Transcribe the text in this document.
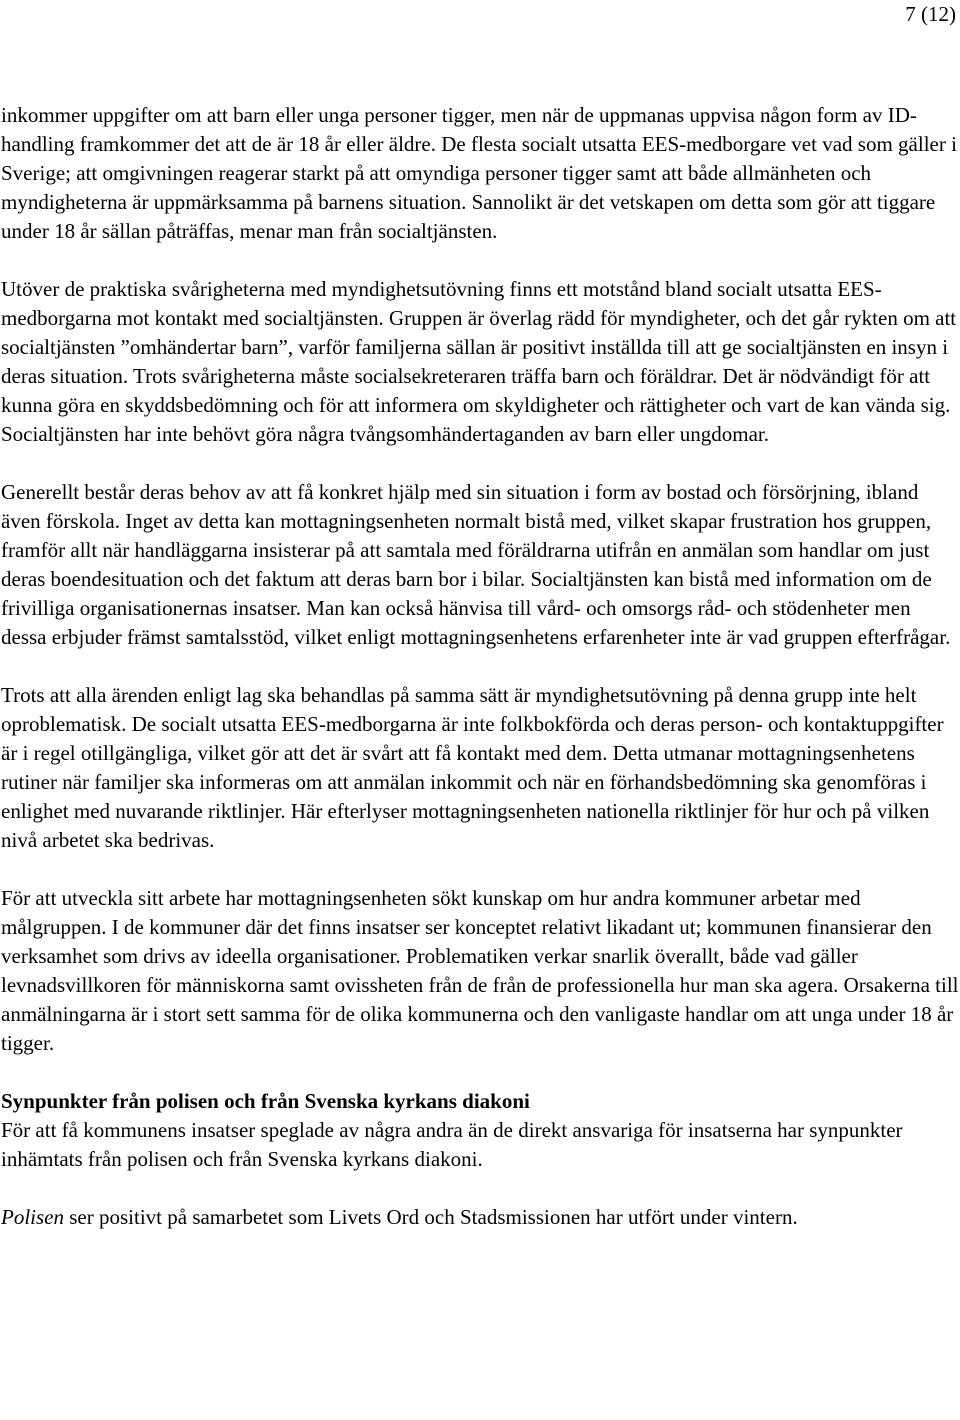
7 (12)

inkommer uppgifter om att barn eller unga personer tigger, men när de uppmanas uppvisa någon form av ID-handling framkommer det att de är 18 år eller äldre. De flesta socialt utsatta EES-medborgare vet vad som gäller i Sverige; att omgivningen reagerar starkt på att omyndiga personer tigger samt att både allmänheten och myndigheterna är uppmärksamma på barnens situation. Sannolikt är det vetskapen om detta som gör att tiggare under 18 år sällan påträffas, menar man från socialtjänsten.

Utöver de praktiska svårigheterna med myndighetsutövning finns ett motstånd bland socialt utsatta EES-medborgarna mot kontakt med socialtjänsten. Gruppen är överlag rädd för myndigheter, och det går rykten om att socialtjänsten ”omhändertar barn”, varför familjerna sällan är positivt inställda till att ge socialtjänsten en insyn i deras situation. Trots svårigheterna måste socialsekreteraren träffa barn och föräldrar. Det är nödvändigt för att kunna göra en skyddsbedömning och för att informera om skyldigheter och rättigheter och vart de kan vända sig. Socialtjänsten har inte behövt göra några tvångsomhändertaganden av barn eller ungdomar.

Generellt består deras behov av att få konkret hjälp med sin situation i form av bostad och försörjning, ibland även förskola. Inget av detta kan mottagningsenheten normalt bistå med, vilket skapar frustration hos gruppen, framför allt när handläggarna insisterar på att samtala med föräldrarna utifrån en anmälan som handlar om just deras boendesituation och det faktum att deras barn bor i bilar. Socialtjänsten kan bistå med information om de frivilliga organisationernas insatser. Man kan också hänvisa till vård- och omsorgs råd- och stödenheter men dessa erbjuder främst samtalsstöd, vilket enligt mottagningsenhetens erfarenheter inte är vad gruppen efterfrågar.

Trots att alla ärenden enligt lag ska behandlas på samma sätt är myndighetsutövning på denna grupp inte helt oproblematisk. De socialt utsatta EES-medborgarna är inte folkbokförda och deras person- och kontaktuppgifter är i regel otillgängliga, vilket gör att det är svårt att få kontakt med dem. Detta utmanar mottagningsenhetens rutiner när familjer ska informeras om att anmälan inkommit och när en förhandsbedömning ska genomföras i enlighet med nuvarande riktlinjer. Här efterlyser mottagningsenheten nationella riktlinjer för hur och på vilken nivå arbetet ska bedrivas.

För att utveckla sitt arbete har mottagningsenheten sökt kunskap om hur andra kommuner arbetar med målgruppen. I de kommuner där det finns insatser ser konceptet relativt likadant ut; kommunen finansierar den verksamhet som drivs av ideella organisationer. Problematiken verkar snarlik överallt, både vad gäller levnadsvillkoren för människorna samt ovissheten från de från de professionella hur man ska agera. Orsakerna till anmälningarna är i stort sett samma för de olika kommunerna och den vanligaste handlar om att unga under 18 år tigger.

Synpunkter från polisen och från Svenska kyrkans diakoni

För att få kommunens insatser speglade av några andra än de direkt ansvariga för insatserna har synpunkter inhämtats från polisen och från Svenska kyrkans diakoni.

Polisen ser positivt på samarbetet som Livets Ord och Stadsmissionen har utfört under vintern.
